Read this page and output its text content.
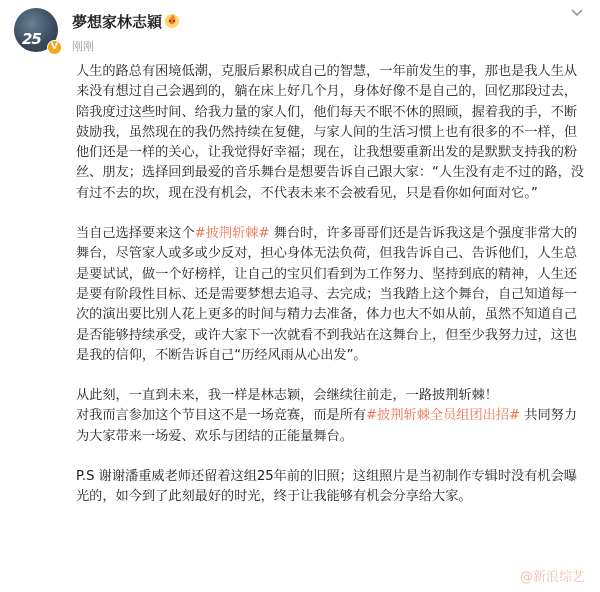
25	V
夢想家林志穎
刚刚

人生的路总有困境低潮，克服后累积成自己的智慧，一年前发生的事，那也是我人生从来没有想过自己会遇到的，躺在床上好几个月，身体好像不是自己的，回忆那段过去，陪我度过这些时间、给我力量的家人们，他们每天不眠不休的照顾，握着我的手，不断鼓励我，虽然现在的我仍然持续在复健，与家人间的生活习惯上也有很多的不一样，但他们还是一样的关心，让我觉得好幸福；现在，让我想要重新出发的是默默支持我的粉丝、朋友；选择回到最爱的音乐舞台是想要告诉自己跟大家：“人生没有走不过的路，没有过不去的坎，现在没有机会，不代表未来不会被看见，只是看你如何面对它。”

当自己选择要来这个#披荆斩棘# 舞台时，许多哥哥们还是告诉我这是个强度非常大的舞台，尽管家人或多或少反对，担心身体无法负荷，但我告诉自己、告诉他们，人生总是要试试，做一个好榜样，让自己的宝贝们看到为工作努力、坚持到底的精神，人生还是要有阶段性目标、还是需要梦想去追寻、去完成；当我踏上这个舞台，自己知道每一次的演出要比别人花上更多的时间与精力去准备，体力也大不如从前，虽然不知道自己是否能够持续承受，或许大家下一次就看不到我站在这舞台上，但至少我努力过，这也是我的信仰，不断告诉自己“历经风雨从心出发”。

从此刻，一直到未来，我一样是林志颖，会继续往前走，一路披荆斩棘！

对我而言参加这个节目这不是一场竞赛，而是所有#披荆斩棘全员组团出招# 共同努力为大家带来一场爱、欢乐与团结的正能量舞台。

P.S 谢谢潘重威老师还留着这组25年前的旧照；这组照片是当初制作专辑时没有机会曝光的，如今到了此刻最好的时光，终于让我能够有机会分享给大家。

@新浪综艺
